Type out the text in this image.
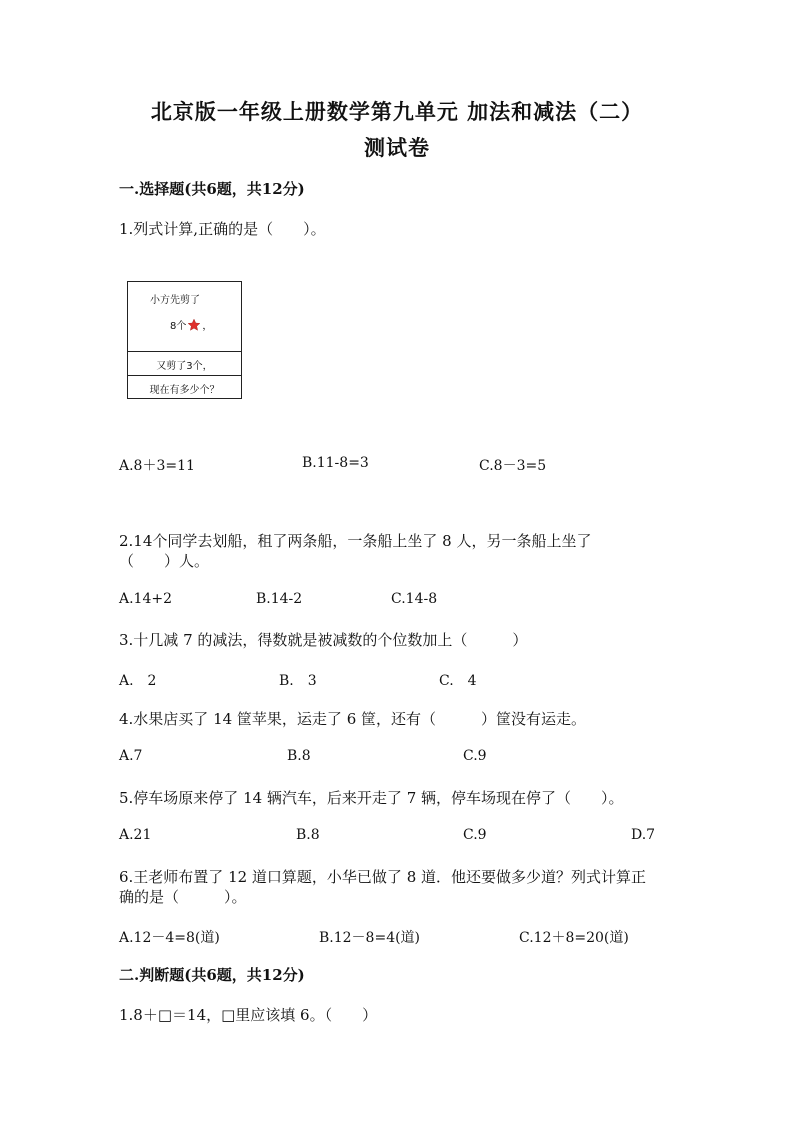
北京版一年级上册数学第九单元 加法和减法（二）
测试卷
一.选择题(共6题，共12分)
1.列式计算,正确的是（　　）。
小方先剪了
8个 ，
又剪了3个，
现在有多少个？
A.8＋3=11	B.11-8=3	C.8－3=5
2.14个同学去划船，租了两条船，一条船上坐了 8 人，另一条船上坐了
（　　）人。
A.14+2	B.14-2	C.14-8
3.十几减 7 的减法，得数就是被减数的个位数加上（　　　）
A.　2	B.　3	C.　4
4.水果店买了 14 筐苹果，运走了 6 筐，还有（　　　）筐没有运走。
A.7	B.8	C.9
5.停车场原来停了 14 辆汽车，后来开走了 7 辆，停车场现在停了（　　）。
A.21	B.8	C.9	D.7
6.王老师布置了 12 道口算题，小华已做了 8 道．他还要做多少道？列式计算正
确的是（　　　）。
A.12－4=8(道)	B.12－8=4(道)	C.12＋8=20(道)
二.判断题(共6题，共12分)
1.8＋□＝14，□里应该填 6。（　　）
